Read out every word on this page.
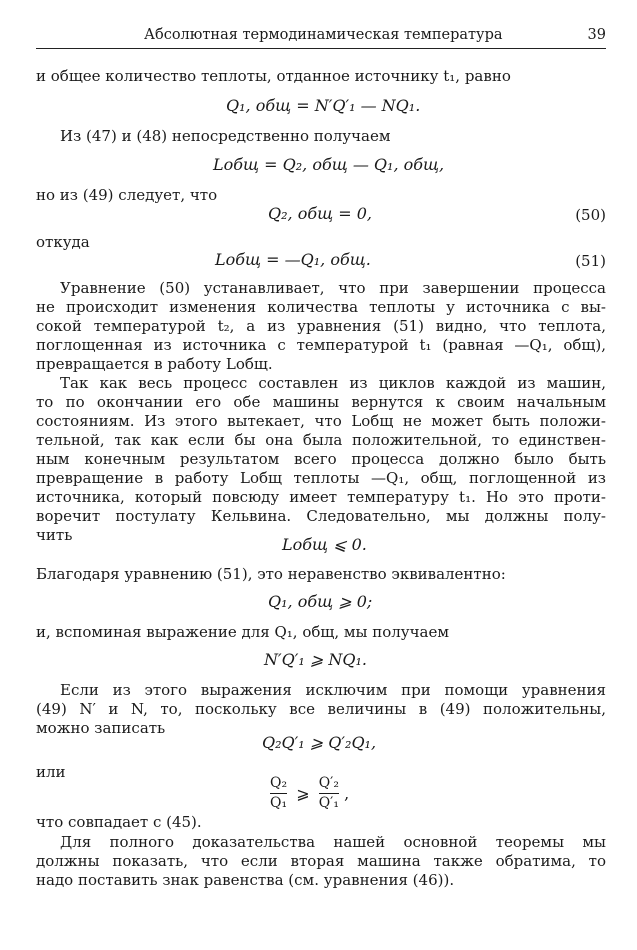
Абсолютная термодинамическая температура	39
и общее количество теплоты, отданное источнику t₁, равно
Q₁, общ = N′Q′₁ — NQ₁.
Из (47) и (48) непосредственно получаем
Lобщ = Q₂, общ — Q₁, общ,
но из (49) следует, что
Q₂, общ = 0,	(50)
откуда
Lобщ = —Q₁, общ.	(51)
Уравнение (50) устанавливает, что при завершении процесса
не происходит изменения количества теплоты у источника с вы-
сокой температурой t₂, а из уравнения (51) видно, что теплота,
поглощенная из источника с температурой t₁ (равная —Q₁, общ),
превращается в работу Lобщ.
Так как весь процесс составлен из циклов каждой из машин,
то по окончании его обе машины вернутся к своим начальным
состояниям. Из этого вытекает, что Lобщ не может быть положи-
тельной, так как если бы она была положительной, то единствен-
ным конечным результатом всего процесса должно было быть
превращение в работу Lобщ теплоты —Q₁, общ, поглощенной из
источника, который повсюду имеет температуру t₁. Но это проти-
воречит постулату Кельвина. Следовательно, мы должны полу-
чить	Lобщ ⩽ 0.
Благодаря уравнению (51), это неравенство эквивалентно:
Q₁, общ ⩾ 0;
и, вспоминая выражение для Q₁, общ, мы получаем
N′Q′₁ ⩾ NQ₁.
Если из этого выражения исключим при помощи уравнения
(49) N′ и N, то, поскольку все величины в (49) положительны,
можно записать
Q₂Q′₁ ⩾ Q′₂Q₁,
или
$\frac{\text{Q₂}}{\text{Q₁}}$ ⩾ $\frac{\text{Q′₂}}{\text{Q′₁}}$ ,
что совпадает с (45).
Для полного доказательства нашей основной теоремы мы
должны показать, что если вторая машина также обратима, то
надо поставить знак равенства (см. уравнения (46)).
